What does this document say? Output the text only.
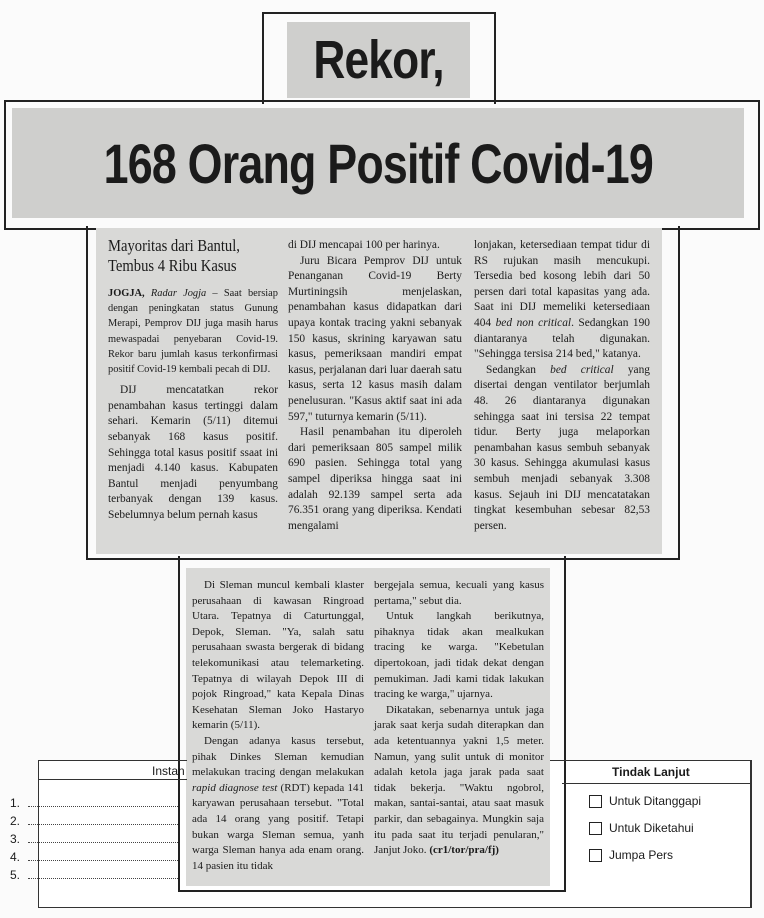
Rekor,
168 Orang Positif Covid-19
Mayoritas dari Bantul,
Tembus 4 Ribu Kasus

JOGJA, Radar Jogja – Saat bersiap dengan peningkatan status Gunung Merapi, Pemprov DIJ juga masih harus mewaspadai penyebaran Covid-19. Rekor baru jumlah kasus terkonfirmasi positif Covid-19 kembali pecah di DIJ.

DIJ mencatatkan rekor penambahan kasus tertinggi dalam sehari. Kemarin (5/11) ditemui sebanyak 168 kasus positif. Sehingga total kasus positif ssaat ini menjadi 4.140 kasus. Kabupaten Bantul menjadi penyumbang terbanyak dengan 139 kasus. Sebelumnya belum pernah kasus

di DIJ mencapai 100 per harinya.

Juru Bicara Pemprov DIJ untuk Penanganan Covid-19 Berty Murtiningsih menjelaskan, penambahan kasus didapatkan dari upaya kontak tracing yakni sebanyak 150 kasus, skrining karyawan satu kasus, pemeriksaan mandiri empat kasus, perjalanan dari luar daerah satu kasus, serta 12 kasus masih dalam penelusuran. "Kasus aktif saat ini ada 597," tuturnya kemarin (5/11).

Hasil penambahan itu diperoleh dari pemeriksaan 805 sampel milik 690 pasien. Sehingga total yang sampel diperiksa hingga saat ini adalah 92.139 sampel serta ada 76.351 orang yang diperiksa. Kendati mengalami

lonjakan, ketersediaan tempat tidur di RS rujukan masih mencukupi. Tersedia bed kosong lebih dari 50 persen dari total kapasitas yang ada. Saat ini DIJ memeliki ketersediaan 404 bed non critical. Sedangkan 190 diantaranya telah digunakan. "Sehingga tersisa 214 bed," katanya.

Sedangkan bed critical yang disertai dengan ventilator berjumlah 48. 26 diantaranya digunakan sehingga saat ini tersisa 22 tempat tidur. Berty juga melaporkan penambahan kasus sembuh sebanyak 30 kasus. Sehingga akumulasi kasus sembuh menjadi sebanyak 3.308 kasus. Sejauh ini DIJ mencatatakan tingkat kesembuhan sebesar 82,53 persen.

Di Sleman muncul kembali klaster perusahaan di kawasan Ringroad Utara. Tepatnya di Caturtunggal, Depok, Sleman. "Ya, salah satu perusahaan swasta bergerak di bidang telekomunikasi atau telemarketing. Tepatnya di wilayah Depok III di pojok Ringroad," kata Kepala Dinas Kesehatan Sleman Joko Hastaryo kemarin (5/11).

Dengan adanya kasus tersebut, pihak Dinkes Sleman kemudian melakukan tracing dengan melakukan rapid diagnose test (RDT) kepada 141 karyawan perusahaan tersebut. "Total ada 14 orang yang positif. Tetapi bukan warga Sleman semua, yanh warga Sleman hanya ada enam orang. 14 pasien itu tidak

bergejala semua, kecuali yang kasus pertama," sebut dia.

Untuk langkah berikutnya, pihaknya tidak akan mealkukan tracing ke warga. "Kebetulan dipertokoan, jadi tidak dekat dengan pemukiman. Jadi kami tidak lakukan tracing ke warga," ujarnya.

Dikatakan, sebenarnya untuk jaga jarak saat kerja sudah diterapkan dan ada ketentuannya yakni 1,5 meter. Namun, yang sulit untuk di monitor adalah ketola jaga jarak pada saat tidak bekerja. "Waktu ngobrol, makan, santai-santai, atau saat masuk parkir, dan sebagainya. Mungkin saja itu pada saat itu terjadi penularan," Janjut Joko. (cr1/tor/pra/fj)

Instan
1.
2.
3.
4.
5.
Tindak Lanjut
Untuk Ditanggapi
Untuk Diketahui
Jumpa Pers
